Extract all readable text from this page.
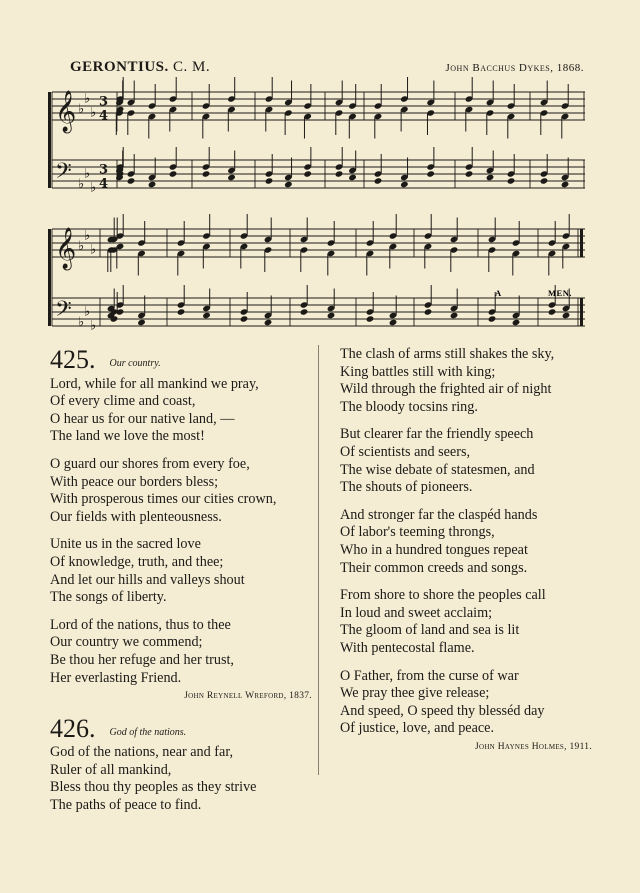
GERONTIUS. C. M.	John Bacchus Dykes, 1868.
𝄞
𝄢
♭
♭
♭
♭
♭
♭
3
3
4
4
𝄞
𝄢
♭
♭
♭
♭
♭
♭
A	MEN.
425. Our country.

Lord, while for all mankind we pray,

Of every clime and coast,

O hear us for our native land, —

The land we love the most!

O guard our shores from every foe,

With peace our borders bless;

With prosperous times our cities crown,

Our fields with plenteousness.

Unite us in the sacred love

Of knowledge, truth, and thee;

And let our hills and valleys shout

The songs of liberty.

Lord of the nations, thus to thee

Our country we commend;

Be thou her refuge and her trust,

Her everlasting Friend.

John Reynell Wreford, 1837.
426. God of the nations.

God of the nations, near and far,

Ruler of all mankind,

Bless thou thy peoples as they strive

The paths of peace to find.

The clash of arms still shakes the sky,

King battles still with king;

Wild through the frighted air of night

The bloody tocsins ring.

But clearer far the friendly speech

Of scientists and seers,

The wise debate of statesmen, and

The shouts of pioneers.

And stronger far the claspéd hands

Of labor's teeming throngs,

Who in a hundred tongues repeat

Their common creeds and songs.

From shore to shore the peoples call

In loud and sweet acclaim;

The gloom of land and sea is lit

With pentecostal flame.

O Father, from the curse of war

We pray thee give release;

And speed, O speed thy blesséd day

Of justice, love, and peace.

John Haynes Holmes, 1911.
